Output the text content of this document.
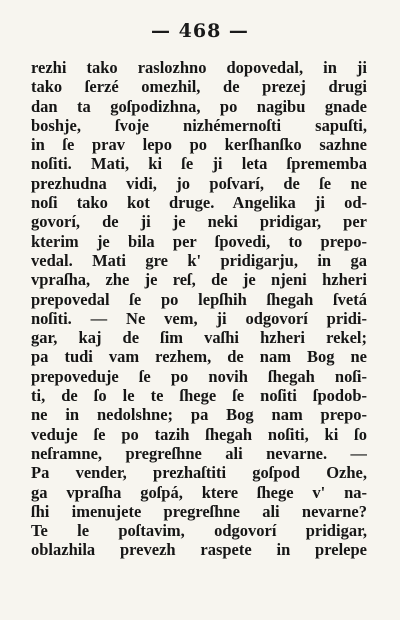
— 468 —
rezhi tako raslozhno dopovedal, in ji
tako ſerzé omezhil, de prezej drugi
dan ta goſpodizhna, po nagibu gnade
boshje, ſvoje nizhémernoſti sapuſti,
in ſe prav lepo po kerſhanſko sazhne
noſiti. Mati, ki ſe ji leta ſprememba
prezhudna vidi, jo poſvarí, de ſe ne
noſi tako kot druge. Angelika ji od-
govorí, de ji je neki pridigar, per
kterim je bila per ſpovedi, to prepo-
vedal. Mati gre k' pridigarju, in ga
vpraſha, zhe je reſ, de je njeni hzheri
prepovedal ſe po lepſhih ſhegah ſvetá
noſiti. — Ne vem, ji odgovorí pridi-
gar, kaj de ſim vaſhi hzheri rekel;
pa tudi vam rezhem, de nam Bog ne
prepoveduje ſe po novih ſhegah noſi-
ti, de ſo le te ſhege ſe noſiti ſpodob-
ne in nedolshne; pa Bog nam prepo-
veduje ſe po tazih ſhegah noſiti, ki ſo
neſramne, pregreſhne ali nevarne. —
Pa vender, prezhaſtiti goſpod Ozhe,
ga vpraſha goſpá, ktere ſhege v' na-
ſhi imenujete pregreſhne ali nevarne?
Te le poſtavim, odgovorí pridigar,
oblazhila prevezh raspete in prelepe
